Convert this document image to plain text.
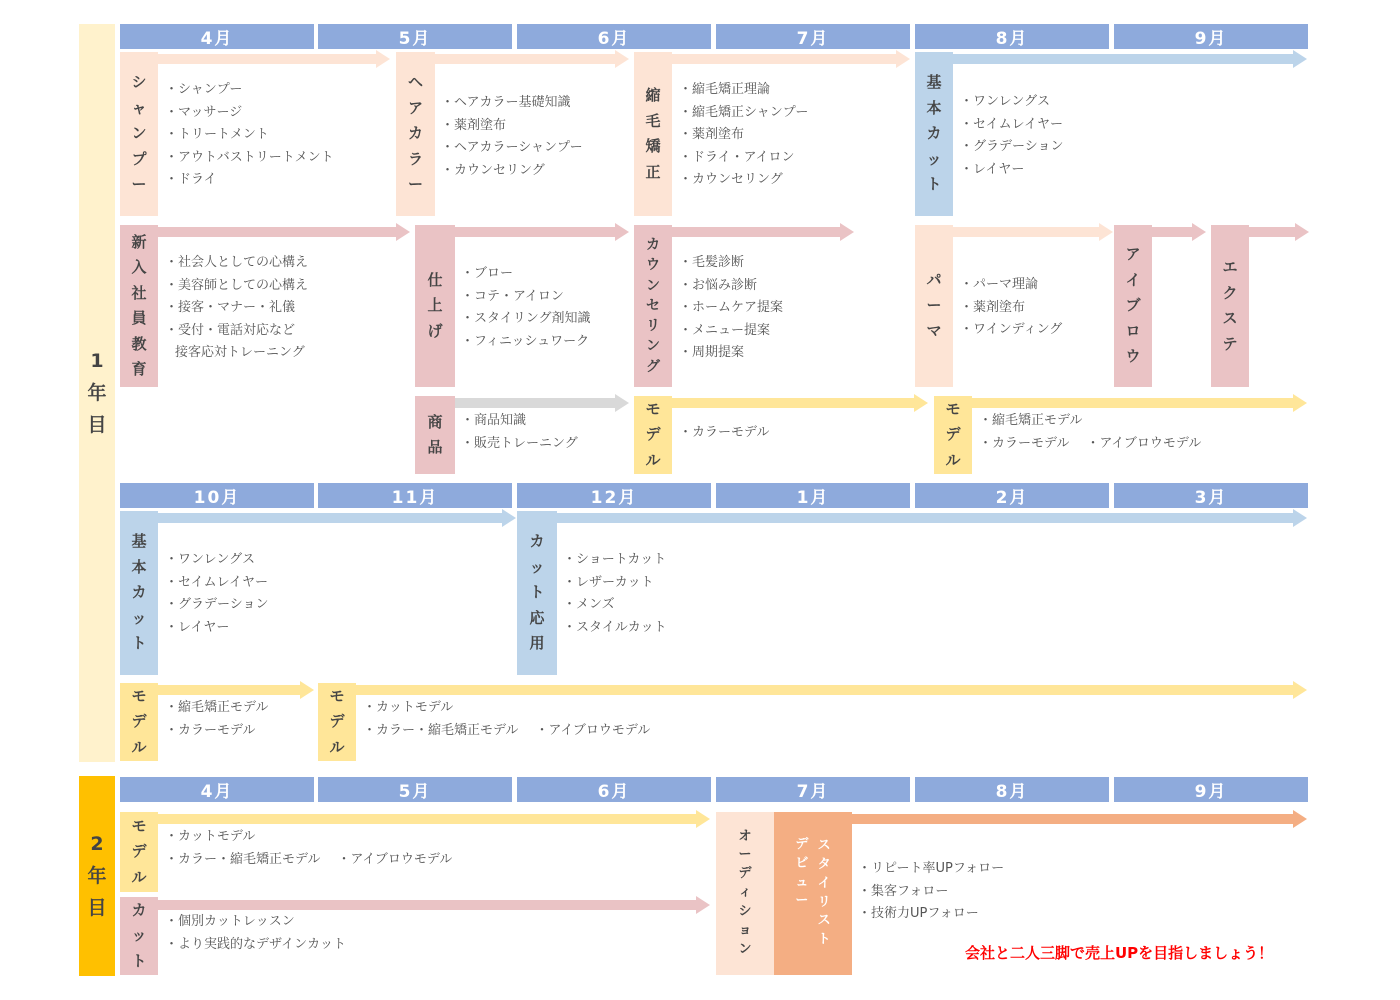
1年目
2年目
4月	5月	6月	7月	8月	9月
10月	11月	12月	1月	2月	3月
4月	5月	6月	7月	8月	9月
シャンプー
・シャンプー
・マッサージ
・トリートメント
・アウトバストリートメント
・ドライ
ヘアカラー
・ヘアカラー基礎知識
・薬剤塗布
・ヘアカラーシャンプー
・カウンセリング
縮毛矯正
・縮毛矯正理論
・縮毛矯正シャンプー
・薬剤塗布
・ドライ・アイロン
・カウンセリング
基本カット
・ワンレングス
・セイムレイヤー
・グラデーション
・レイヤー
新入社員教育
・社会人としての心構え
・美容師としての心構え
・接客・マナー・礼儀
・受付・電話対応など
接客応対トレーニング
仕上げ
・ブロー
・コテ・アイロン
・スタイリング剤知識
・フィニッシュワーク
カウンセリング
・毛髪診断
・お悩み診断
・ホームケア提案
・メニュー提案
・周期提案
パーマ
・パーマ理論
・薬剤塗布
・ワインディング
アイブロウ
エクステ
商品
・商品知識
・販売トレーニング
モデル
・カラーモデル
モデル
・縮毛矯正モデル
・カラーモデル　 ・アイブロウモデル
基本カット
・ワンレングス
・セイムレイヤー
・グラデーション
・レイヤー
カット応用
・ショートカット
・レザーカット
・メンズ
・スタイルカット
モデル
・縮毛矯正モデル
・カラーモデル
モデル
・カットモデル
・カラー・縮毛矯正モデル　 ・アイブロウモデル
モデル
・カットモデル
・カラー・縮毛矯正モデル　 ・アイブロウモデル
カット
・個別カットレッスン
・より実践的なデザインカット
オーディション
スタイリスト
デビュー
・リピート率UPフォロー
・集客フォロー
・技術力UPフォロー
会社と二人三脚で売上UPを目指しましょう！
